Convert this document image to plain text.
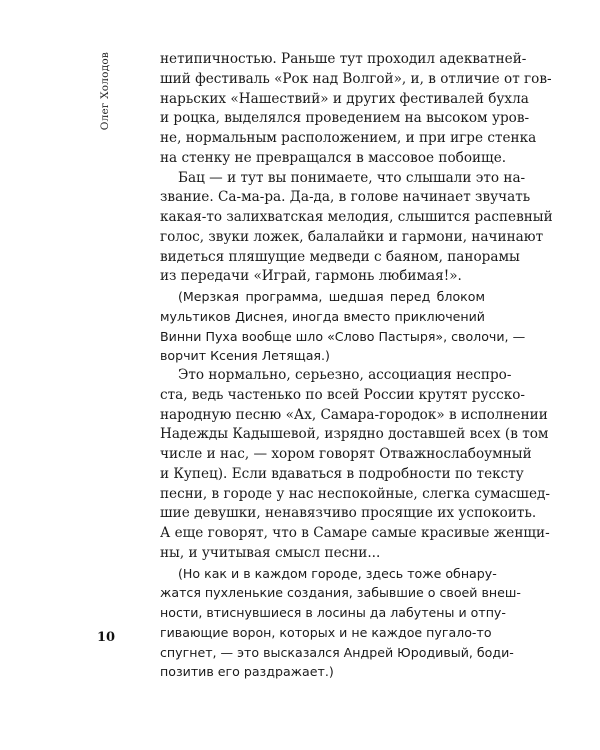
Олег Холодов	нетипичностью. Раньше тут проходил адекватней-
ший фестиваль «Рок над Волгой», и, в отличие от гов-
нарьских «Нашествий» и других фестивалей бухла
и роцка, выделялся проведением на высоком уров-
не, нормальным расположением, и при игре стенка
на стенку не превращался в массовое побоище.
Бац — и тут вы понимаете, что слышали это на-
звание. Са-ма-ра. Да-да, в голове начинает звучать
какая-то залихватская мелодия, слышится распевный
голос, звуки ложек, балалайки и гармони, начинают
видеться пляшущие медведи с баяном, панорамы
из передачи «Играй, гармонь любимая!».
(Мерзкая программа, шедшая перед блоком
мультиков Диснея, иногда вместо приключений
Винни Пуха вообще шло «Слово Пастыря», сволочи, —
ворчит Ксения Летящая.)
Это нормально, серьезно, ассоциация неспро-
ста, ведь частенько по всей России крутят русско-
народную песню «Ах, Самара-городок» в исполнении
Надежды Кадышевой, изрядно доставшей всех (в том
числе и нас, — хором говорят Отважнослабоумный
и Купец). Если вдаваться в подробности по тексту
песни, в городе у нас неспокойные, слегка сумасшед-
шие девушки, ненавязчиво просящие их успокоить.
А еще говорят, что в Самаре самые красивые женщи-
ны, и учитывая смысл песни...
(Но как и в каждом городе, здесь тоже обнару-
жатся пухленькие создания, забывшие о своей внеш-
ности, втиснувшиеся в лосины да лабутены и отпу-
гивающие ворон, которых и не каждое пугало-то
спугнет, — это высказался Андрей Юродивый, боди-
позитив его раздражает.)
10
